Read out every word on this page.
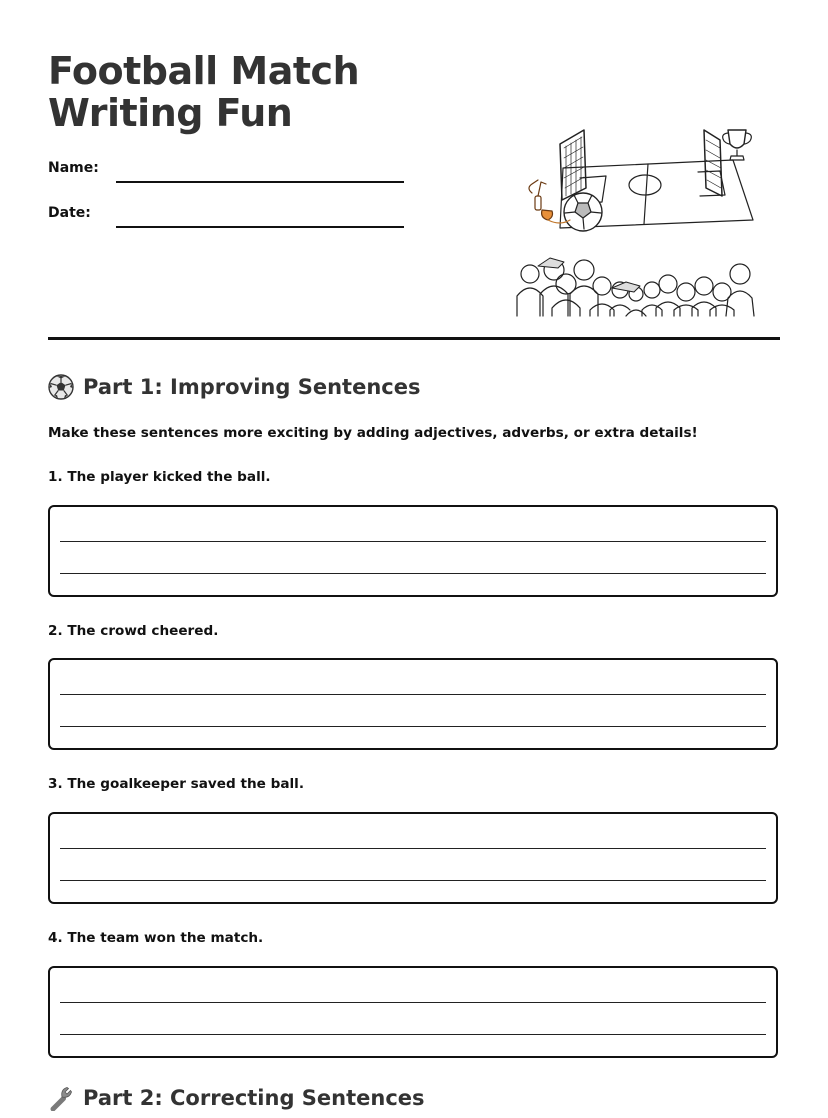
Football Match Writing Fun
Name:
Date:
Part 1: Improving Sentences
Make these sentences more exciting by adding adjectives, adverbs, or extra details!
1. The player kicked the ball.
2. The crowd cheered.
3. The goalkeeper saved the ball.
4. The team won the match.
Part 2: Correcting Sentences
